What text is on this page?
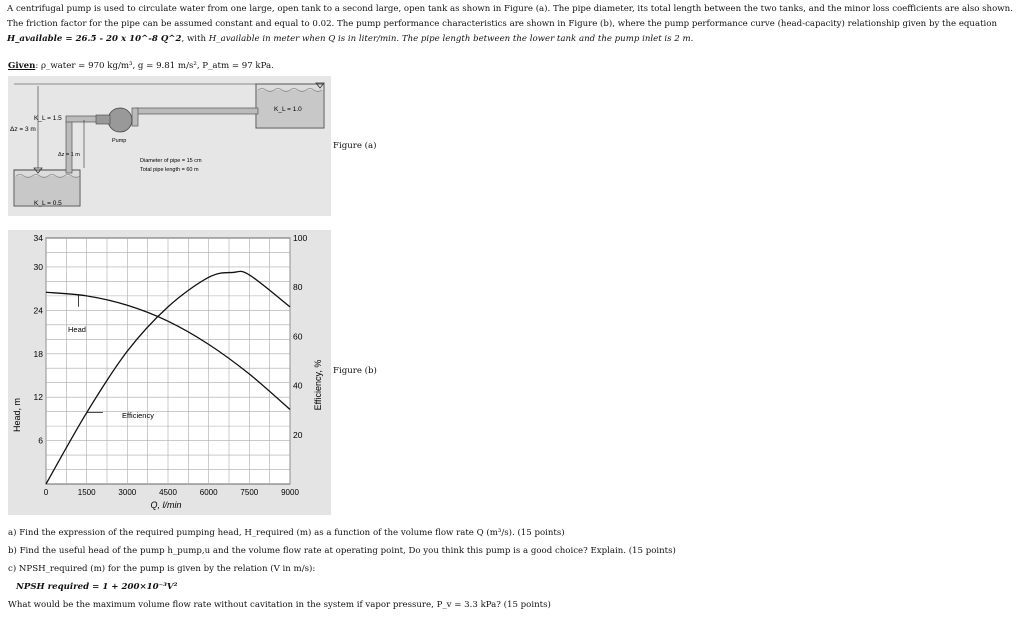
A centrifugal pump is used to circulate water from one large, open tank to a second large, open tank as shown in Figure (a). The pipe diameter, its total length between the two tanks, and the minor loss coefficients are also shown. The friction factor for the pipe can be assumed constant and equal to 0.02. The pump performance characteristics are shown in Figure (b), where the pump performance curve (head-capacity) relationship given by the equation H_available = 26.5 - 20 x 10^-8 Q^2, with H_available in meter when Q is in liter/min. The pipe length between the lower tank and the pump inlet is 2 m.
Given: ρ_water = 970 kg/m³, g = 9.81 m/s², P_atm = 97 kPa.
K_L = 1.5
Δz = 3 m
K_L = 1.0
Pump
Δz = 1 m
Diameter of pipe = 15 cm
Total pipe length = 60 m
K_L = 0.5
Figure (a)
0	1500	3000	4500	6000	7500	9000
6
12
18
24
30
34
20
40
60
80
100
Head, m
Efficiency, %
Q, l/min
Head
Efficiency
Figure (b)
a) Find the expression of the required pumping head, H_required (m) as a function of the volume flow rate Q (m³/s). (15 points)
b) Find the useful head of the pump h_pump,u and the volume flow rate at operating point, Do you think this pump is a good choice? Explain. (15 points)
c) NPSH_required (m) for the pump is given by the relation (V in m/s):
NPSH required = 1 + 200×10⁻³V²
What would be the maximum volume flow rate without cavitation in the system if vapor pressure, P_v = 3.3 kPa? (15 points)
